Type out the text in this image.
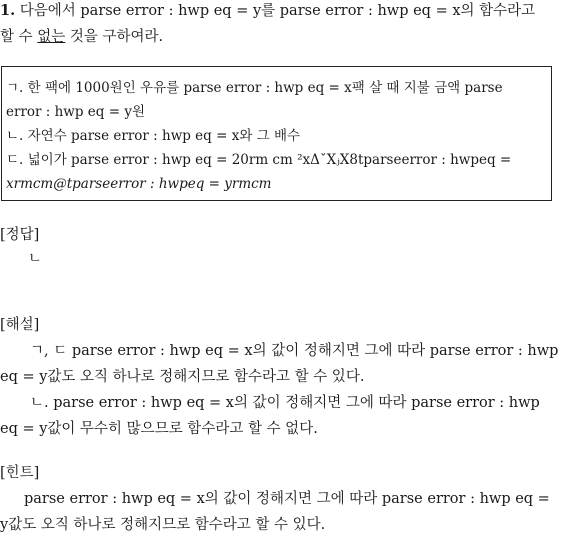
1. 다음에서 parse error : hwp eq = y를 parse error : hwp eq = x의 함수라고
할 수 없는 것을 구하여라.
ㄱ. 한 팩에 1000원인 우유를 parse error : hwp eq = x팩 살 때 지불 금액 parse
error : hwp eq = y원
ㄴ. 자연수 parse error : hwp eq = x와 그 배수
ㄷ. 넓이가 parse error : hwp eq = 20rm cm ²xΔˇXⱼX8tparseerror : hwpeq =
xrmcm@tparseerror : hwpeq = yrmcm
[정답]
ㄴ
[해설]
ㄱ, ㄷ parse error : hwp eq = x의 값이 정해지면 그에 따라 parse error : hwp
eq = y값도 오직 하나로 정해지므로 함수라고 할 수 있다.
ㄴ. parse error : hwp eq = x의 값이 정해지면 그에 따라 parse error : hwp
eq = y값이 무수히 많으므로 함수라고 할 수 없다.
[힌트]
parse error : hwp eq = x의 값이 정해지면 그에 따라 parse error : hwp eq =
y값도 오직 하나로 정해지므로 함수라고 할 수 있다.
